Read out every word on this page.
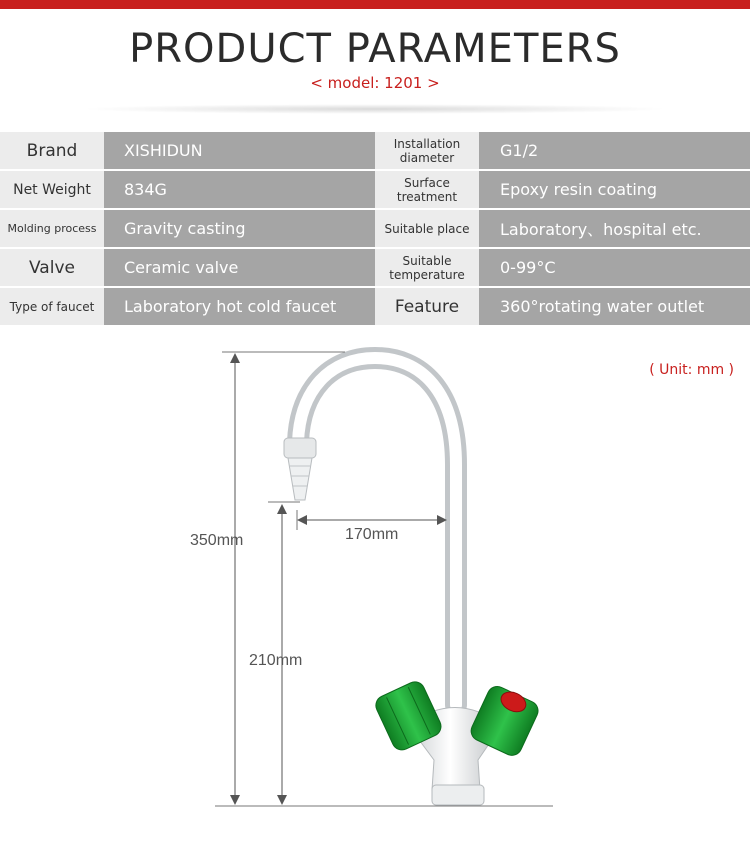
PRODUCT PARAMETERS
< model: 1201 >
Brand	XISHIDUN	Installation diameter	G1/2
Net Weight	834G	Surface treatment	Epoxy resin coating
Molding process	Gravity casting	Suitable place	Laboratory、hospital etc.
Valve	Ceramic valve	Suitable temperature	0-99°C
Type of faucet	Laboratory hot cold faucet	Feature	360°rotating water outlet
( Unit: mm )
350mm
210mm
170mm
